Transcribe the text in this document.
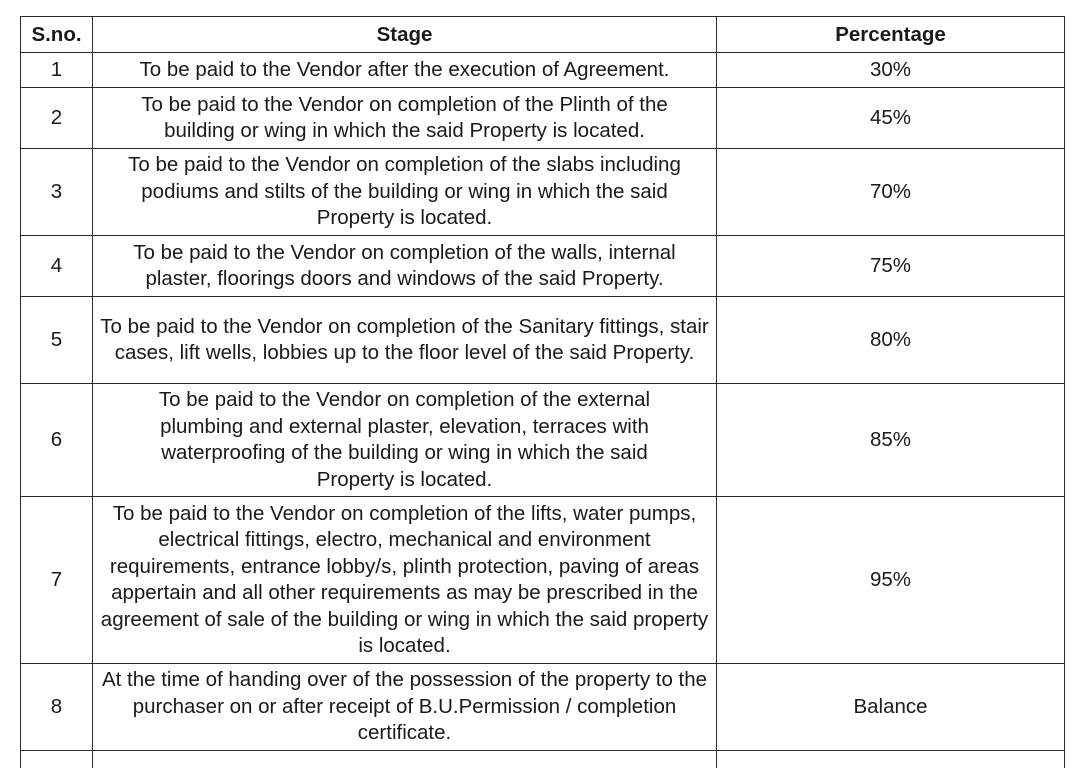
S.no.	Stage	Percentage
1	To be paid to the Vendor after the execution of Agreement.	30%
2	To be paid to the Vendor on completion of the Plinth of the building or wing in which the said Property is located.	45%
3	To be paid to the Vendor on completion of the slabs including podiums and stilts of the building or wing in which the said Property is located.	70%
4	To be paid to the Vendor on completion of the walls, internal plaster, floorings doors and windows of the said Property.	75%
5	To be paid to the Vendor on completion of the Sanitary fittings, stair cases, lift wells, lobbies up to the floor level of the said Property.	80%
6	To be paid to the Vendor on completion of the external plumbing and external plaster, elevation, terraces with waterproofing of the building or wing in which the said Property is located.	85%
7	To be paid to the Vendor on completion of the lifts, water pumps, electrical fittings, electro, mechanical and environment requirements, entrance lobby/s, plinth protection, paving of areas appertain and all other requirements as may be prescribed in the agreement of sale of the building or wing in which the said property is located.	95%
8	At the time of handing over of the possession of the property to the purchaser on or after receipt of B.U.Permission / completion certificate.	Balance
